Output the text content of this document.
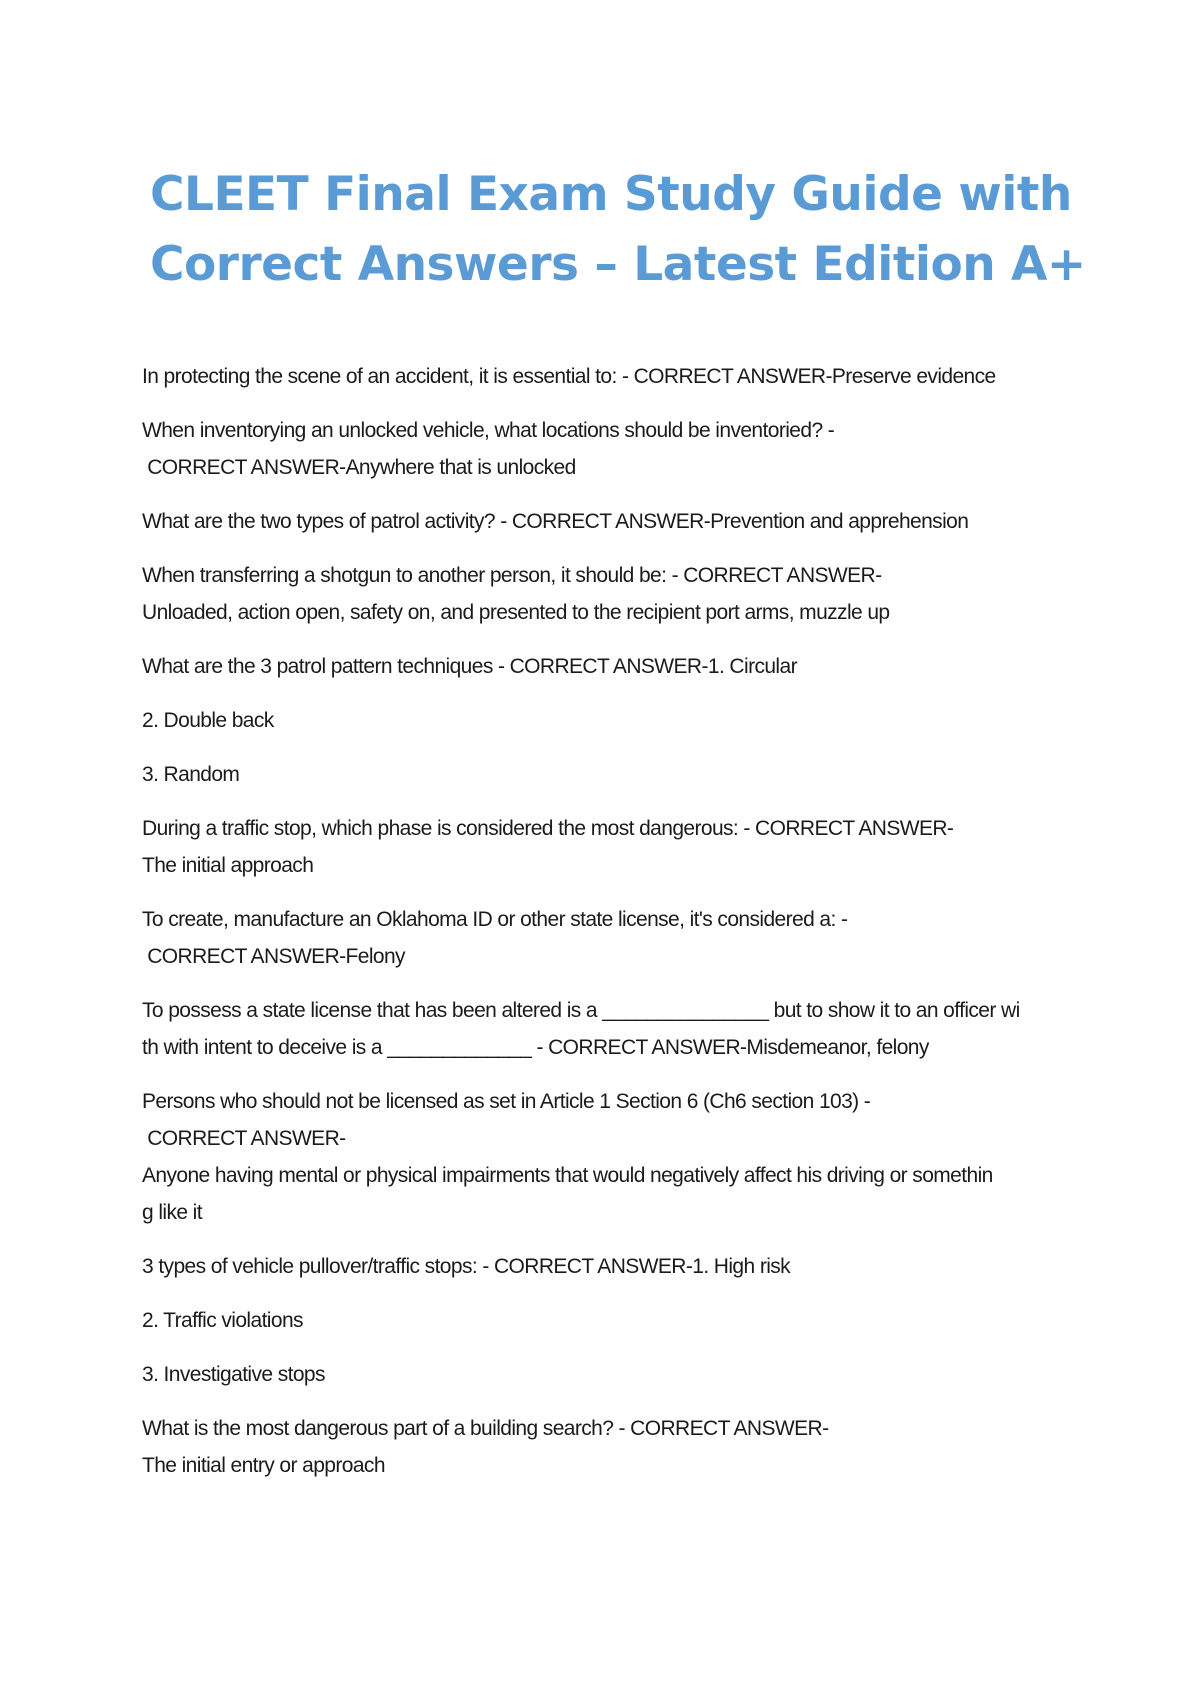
CLEET Final Exam Study Guide with
Correct Answers – Latest Edition A+

In protecting the scene of an accident, it is essential to: - CORRECT ANSWER-Preserve evidence

When inventorying an unlocked vehicle, what locations should be inventoried? -
CORRECT ANSWER-Anywhere that is unlocked

What are the two types of patrol activity? - CORRECT ANSWER-Prevention and apprehension

When transferring a shotgun to another person, it should be: - CORRECT ANSWER-
Unloaded, action open, safety on, and presented to the recipient port arms, muzzle up

What are the 3 patrol pattern techniques - CORRECT ANSWER-1. Circular

2. Double back

3. Random

During a traffic stop, which phase is considered the most dangerous: - CORRECT ANSWER-
The initial approach

To create, manufacture an Oklahoma ID or other state license, it's considered a: -
CORRECT ANSWER-Felony

To possess a state license that has been altered is a _______________ but to show it to an officer wi
th with intent to deceive is a _____________ - CORRECT ANSWER-Misdemeanor, felony

Persons who should not be licensed as set in Article 1 Section 6 (Ch6 section 103) -
CORRECT ANSWER-
Anyone having mental or physical impairments that would negatively affect his driving or somethin
g like it

3 types of vehicle pullover/traffic stops: - CORRECT ANSWER-1. High risk

2. Traffic violations

3. Investigative stops

What is the most dangerous part of a building search? - CORRECT ANSWER-
The initial entry or approach
